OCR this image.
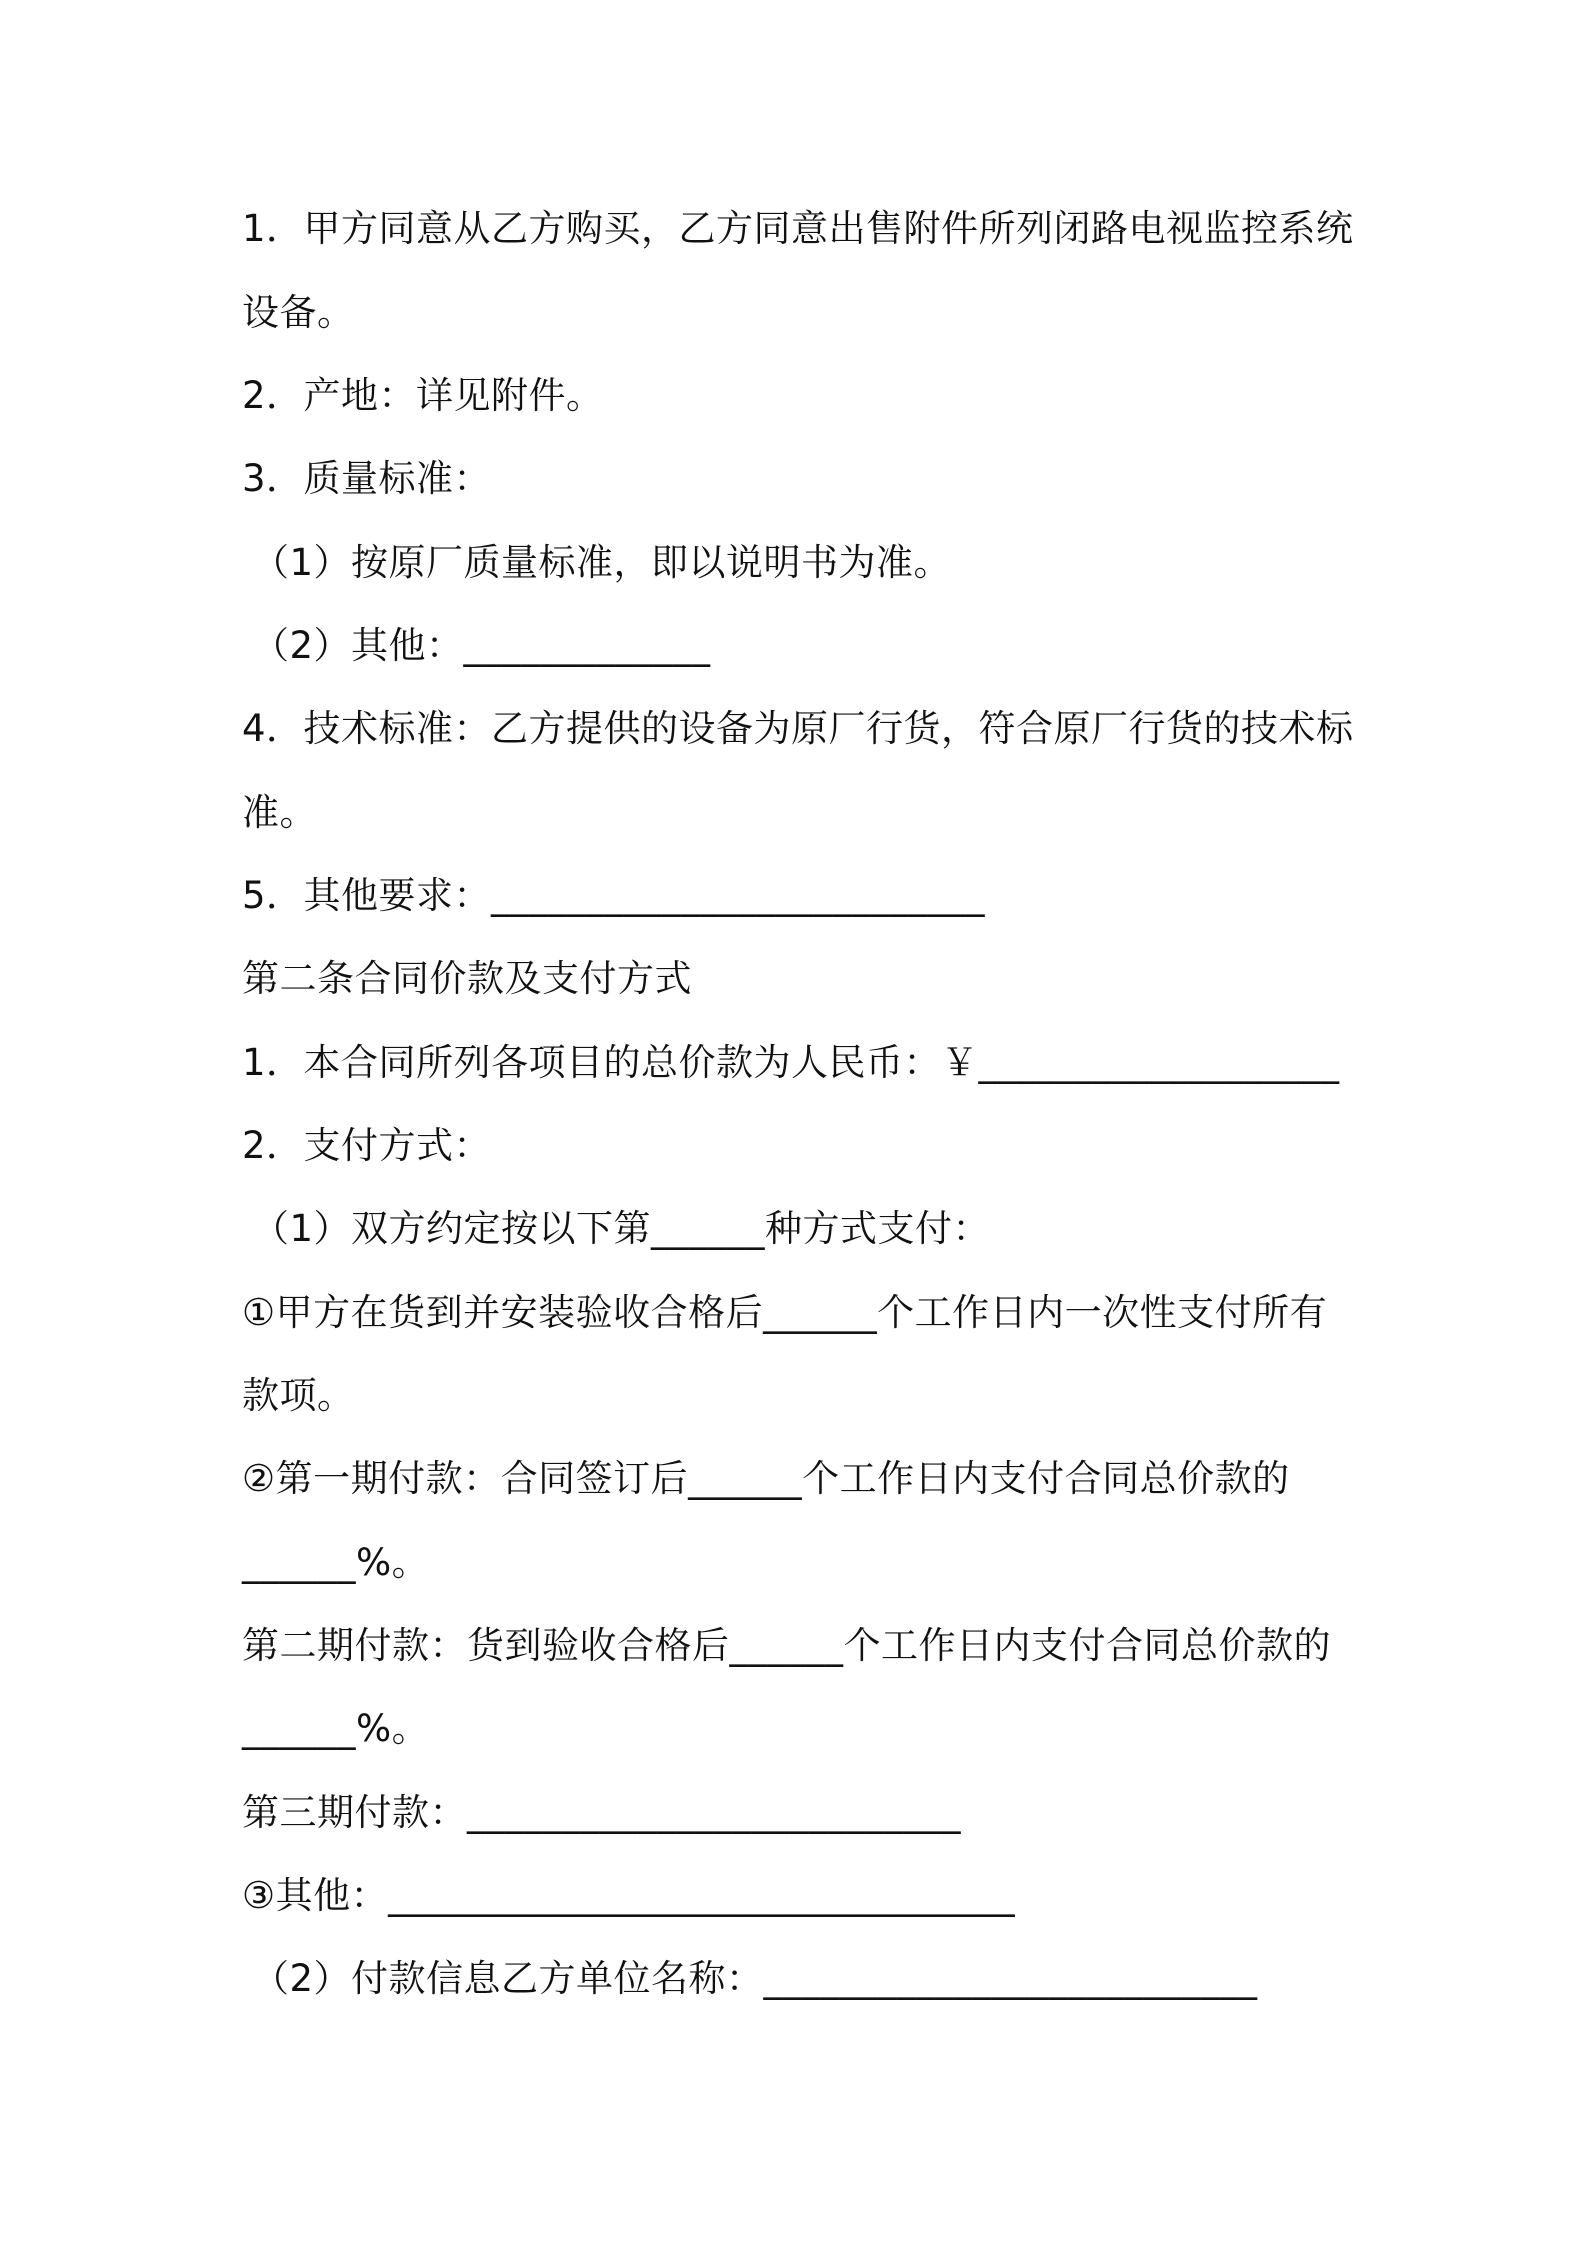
1．甲方同意从乙方购买，乙方同意出售附件所列闭路电视监控系统
设备。
2．产地：详见附件。
3．质量标准：
（1）按原厂质量标准，即以说明书为准。
（2）其他：_____________
4．技术标准：乙方提供的设备为原厂行货，符合原厂行货的技术标
准。
5．其他要求：__________________________
第二条合同价款及支付方式
1．本合同所列各项目的总价款为人民币：￥___________________
2．支付方式：
（1）双方约定按以下第______种方式支付：
①甲方在货到并安装验收合格后______个工作日内一次性支付所有
款项。
②第一期付款：合同签订后______个工作日内支付合同总价款的
______%。
第二期付款：货到验收合格后______个工作日内支付合同总价款的
______%。
第三期付款：__________________________
③其他：_________________________________
（2）付款信息乙方单位名称：__________________________
